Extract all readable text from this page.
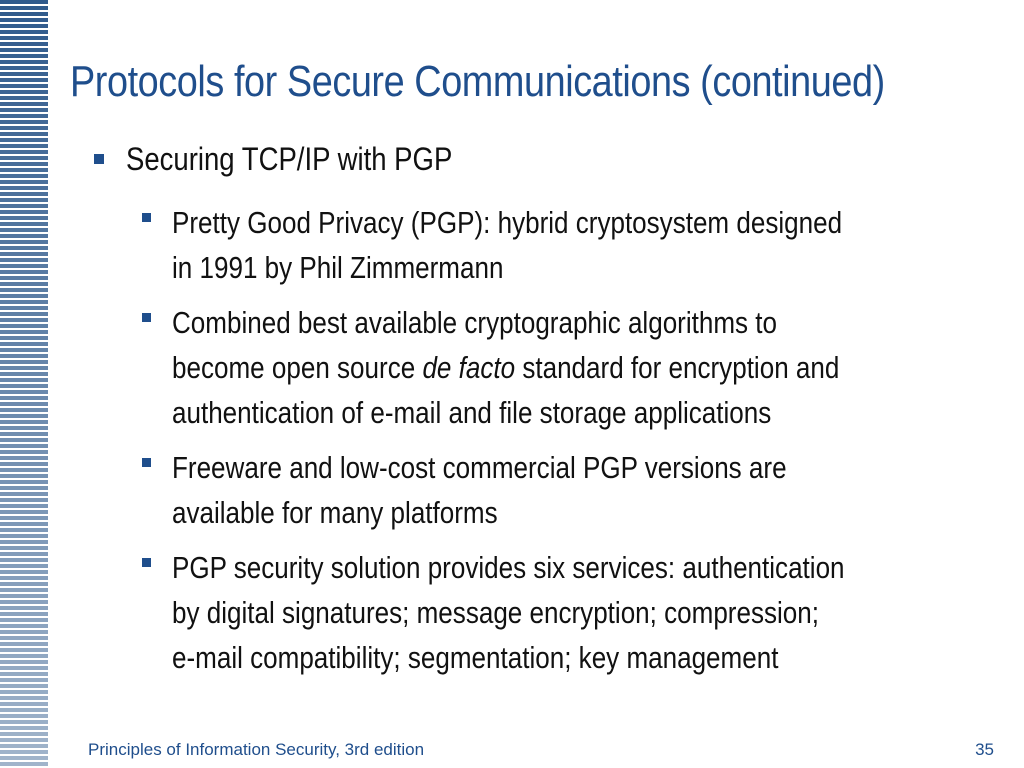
Protocols for Secure Communications (continued)
Securing TCP/IP with PGP
Pretty Good Privacy (PGP): hybrid cryptosystem designed
in 1991 by Phil Zimmermann
Combined best available cryptographic algorithms to
become open source de facto standard for encryption and
authentication of e-mail and file storage applications
Freeware and low-cost commercial PGP versions are
available for many platforms
PGP security solution provides six services: authentication
by digital signatures; message encryption; compression;
e-mail compatibility; segmentation; key management
Principles of Information Security, 3rd edition	35
